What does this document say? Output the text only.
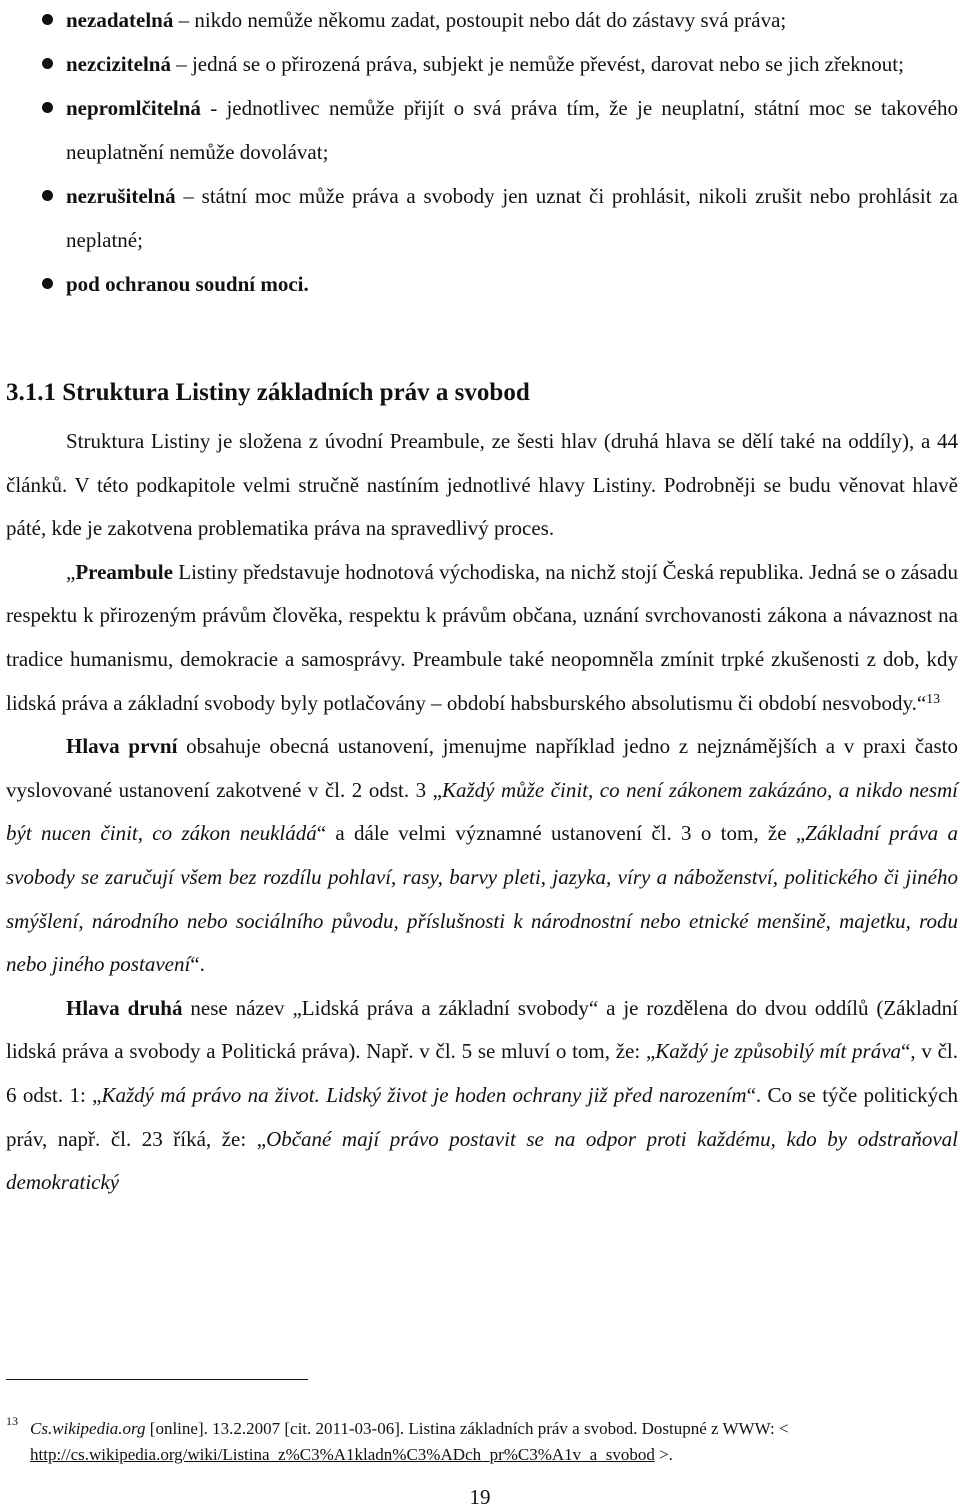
nezadatelná – nikdo nemůže někomu zadat, postoupit nebo dát do zástavy svá práva;
nezcizitelná – jedná se o přirozená práva, subjekt je nemůže převést, darovat nebo se jich zřeknout;
nepromlčitelná - jednotlivec nemůže přijít o svá práva tím, že je neuplatní, státní moc se takového neuplatnění nemůže dovolávat;
nezrušitelná – státní moc může práva a svobody jen uznat či prohlásit, nikoli zrušit nebo prohlásit za neplatné;
pod ochranou soudní moci.
3.1.1 Struktura Listiny základních práv a svobod

Struktura Listiny je složena z úvodní Preambule, ze šesti hlav (druhá hlava se dělí také na oddíly), a 44 článků. V této podkapitole velmi stručně nastíním jednotlivé hlavy Listiny. Podrobněji se budu věnovat hlavě páté, kde je zakotvena problematika práva na spravedlivý proces.

„Preambule Listiny představuje hodnotová východiska, na nichž stojí Česká republika. Jedná se o zásadu respektu k přirozeným právům člověka, respektu k právům občana, uznání svrchovanosti zákona a návaznost na tradice humanismu, demokracie a samosprávy. Preambule také neopomněla zmínit trpké zkušenosti z dob, kdy lidská práva a základní svobody byly potlačovány – období habsburského absolutismu či období nesvobody.“$^{13}$

Hlava první obsahuje obecná ustanovení, jmenujme například jedno z nejznámějších a v praxi často vyslovované ustanovení zakotvené v čl. 2 odst. 3 „Každý může činit, co není zákonem zakázáno, a nikdo nesmí být nucen činit, co zákon neukládá“ a dále velmi významné ustanovení čl. 3 o tom, že „Základní práva a svobody se zaručují všem bez rozdílu pohlaví, rasy, barvy pleti, jazyka, víry a náboženství, politického či jiného smýšlení, národního nebo sociálního původu, příslušnosti k národnostní nebo etnické menšině, majetku, rodu nebo jiného postavení“.

Hlava druhá nese název „Lidská práva a základní svobody“ a je rozdělena do dvou oddílů (Základní lidská práva a svobody a Politická práva). Např. v čl. 5 se mluví o tom, že: „Každý je způsobilý mít práva“, v čl. 6 odst. 1: „Každý má právo na život. Lidský život je hoden ochrany již před narozením“. Co se týče politických práv, např. čl. 23 říká, že: „Občané mají právo postavit se na odpor proti každému, kdo by odstraňoval demokratický

13 Cs.wikipedia.org [online]. 13.2.2007 [cit. 2011-03-06]. Listina základních práv a svobod. Dostupné z WWW: < http://cs.wikipedia.org/wiki/Listina_z%C3%A1kladn%C3%ADch_pr%C3%A1v_a_svobod >.
19
